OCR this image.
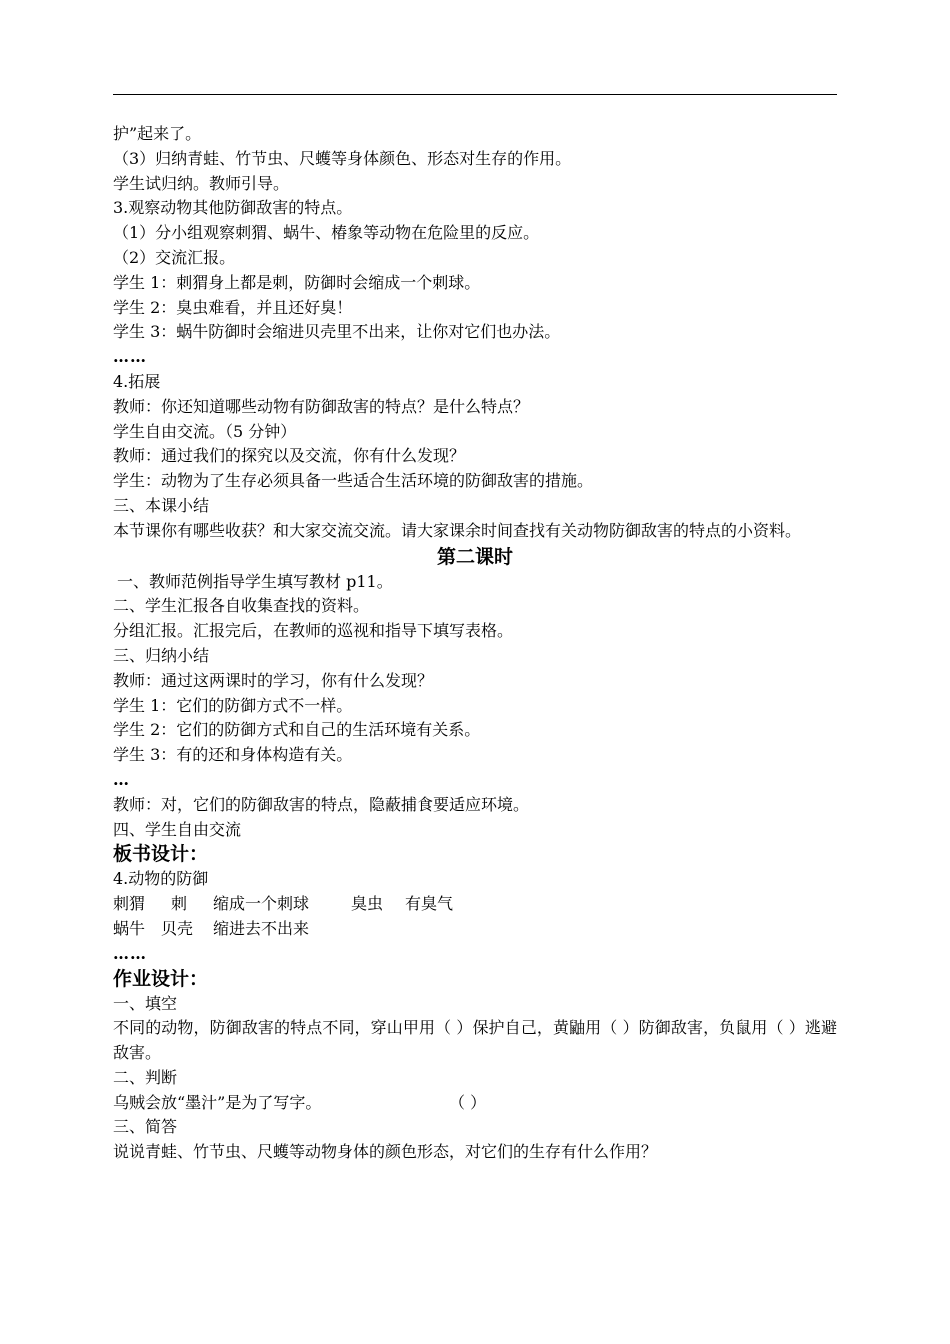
护”起来了。
（3）归纳青蛙、竹节虫、尺蠖等身体颜色、形态对生存的作用。
学生试归纳。教师引导。
3.观察动物其他防御敌害的特点。
（1）分小组观察刺猬、蜗牛、椿象等动物在危险里的反应。
（2）交流汇报。
学生 1：刺猬身上都是刺，防御时会缩成一个刺球。
学生 2：臭虫难看，并且还好臭！
学生 3：蜗牛防御时会缩进贝壳里不出来，让你对它们也办法。
……
4.拓展
教师：你还知道哪些动物有防御敌害的特点？是什么特点？
学生自由交流。（5 分钟）
教师：通过我们的探究以及交流，你有什么发现？
学生：动物为了生存必须具备一些适合生活环境的防御敌害的措施。
三、本课小结
本节课你有哪些收获？和大家交流交流。请大家课余时间查找有关动物防御敌害的特点的小资料。
第二课时
一、教师范例指导学生填写教材 p11。
二、学生汇报各自收集查找的资料。
分组汇报。汇报完后，在教师的巡视和指导下填写表格。
三、归纳小结
教师：通过这两课时的学习，你有什么发现？
学生 1：它们的防御方式不一样。
学生 2：它们的防御方式和自己的生活环境有关系。
学生 3：有的还和身体构造有关。
…
教师：对，它们的防御敌害的特点，隐蔽捕食要适应环境。
四、学生自由交流
板书设计：
4.动物的防御
刺猬 刺 缩成一个刺球	臭虫 有臭气
蜗牛 贝壳 缩进去不出来
……
作业设计：
一、填空
不同的动物，防御敌害的特点不同，穿山甲用（ ）保护自己，黄鼬用（ ）防御敌害，负鼠用（ ）逃避敌害。
二、判断
乌贼会放“墨汁”是为了写字。	（ ）
三、简答
说说青蛙、竹节虫、尺蠖等动物身体的颜色形态，对它们的生存有什么作用？
